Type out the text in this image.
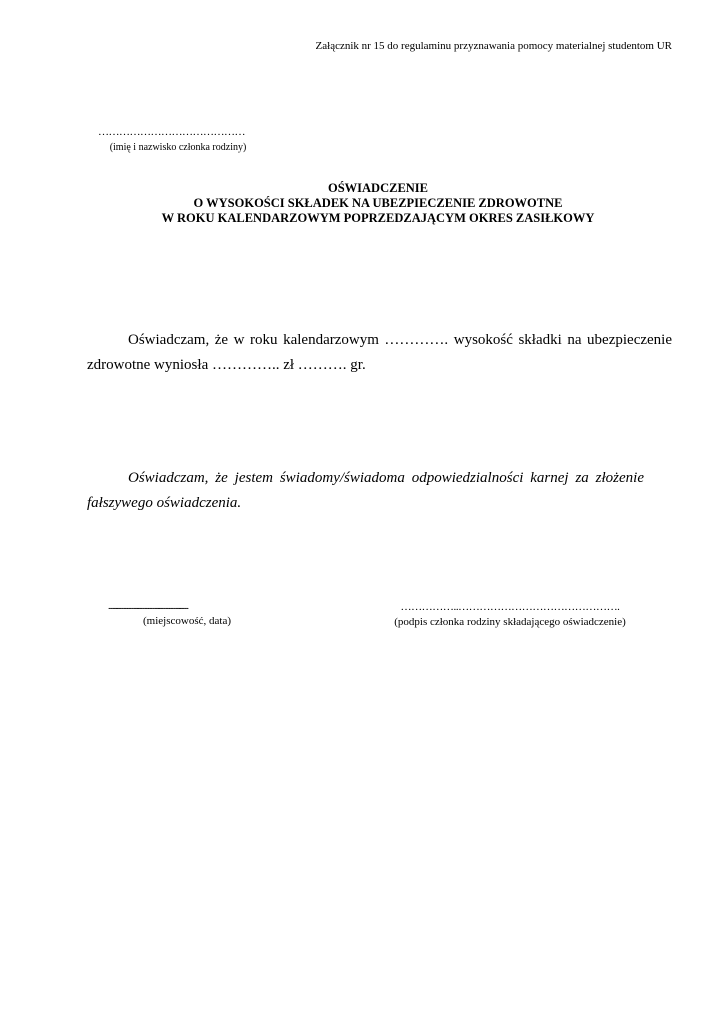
Załącznik nr 15 do regulaminu przyznawania pomocy materialnej studentom UR
……………………………………
(imię i nazwisko członka rodziny)
OŚWIADCZENIE
O WYSOKOŚCI SKŁADEK NA UBEZPIECZENIE ZDROWOTNE
W ROKU KALENDARZOWYM POPRZEDZAJĄCYM OKRES ZASIŁKOWY
Oświadczam, że w roku kalendarzowym …………. wysokość składki na ubezpieczenie zdrowotne wyniosła ………….. zł ………. gr.
Oświadczam, że jestem świadomy/świadoma odpowiedzialności karnej za złożenie fałszywego oświadczenia.
............................................................................
(miejscowość, data)
……………..……………………………………….
(podpis członka rodziny składającego oświadczenie)
